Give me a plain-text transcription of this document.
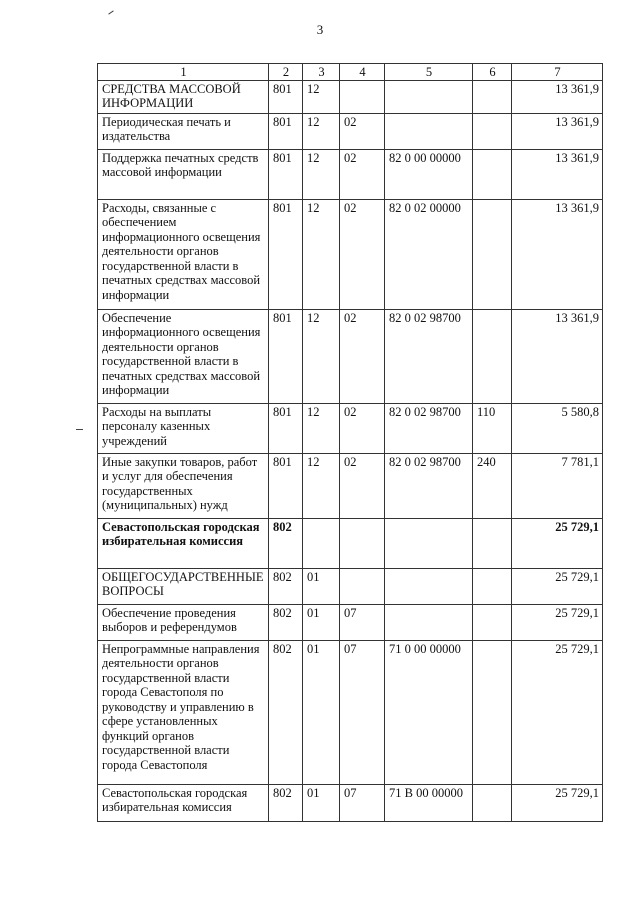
3
1	2	3	4	5	6	7
СРЕДСТВА МАССОВОЙ ИНФОРМАЦИИ	801	12				13 361,9
Периодическая печать и издательства	801	12	02			13 361,9
Поддержка печатных средств массовой информации	801	12	02	82 0 00 00000		13 361,9
Расходы, связанные с обеспечением информационного освещения деятельности органов государственной власти в печатных средствах массовой информации	801	12	02	82 0 02 00000		13 361,9
Обеспечение информационного освещения деятельности органов государственной власти в печатных средствах массовой информации	801	12	02	82 0 02 98700		13 361,9
Расходы на выплаты персоналу казенных учреждений	801	12	02	82 0 02 98700	110	5 580,8
Иные закупки товаров, работ и услуг для обеспечения государственных (муниципальных) нужд	801	12	02	82 0 02 98700	240	7 781,1
Севастопольская городская избирательная комиссия	802					25 729,1
ОБЩЕГОСУДАРСТВЕННЫЕ ВОПРОСЫ	802	01				25 729,1
Обеспечение проведения выборов и референдумов	802	01	07			25 729,1
Непрограммные направления деятельности органов государственной власти города Севастополя по руководству и управлению в сфере установленных функций органов государственной власти города Севастополя	802	01	07	71 0 00 00000		25 729,1
Севастопольская городская избирательная комиссия	802	01	07	71 В 00 00000		25 729,1
